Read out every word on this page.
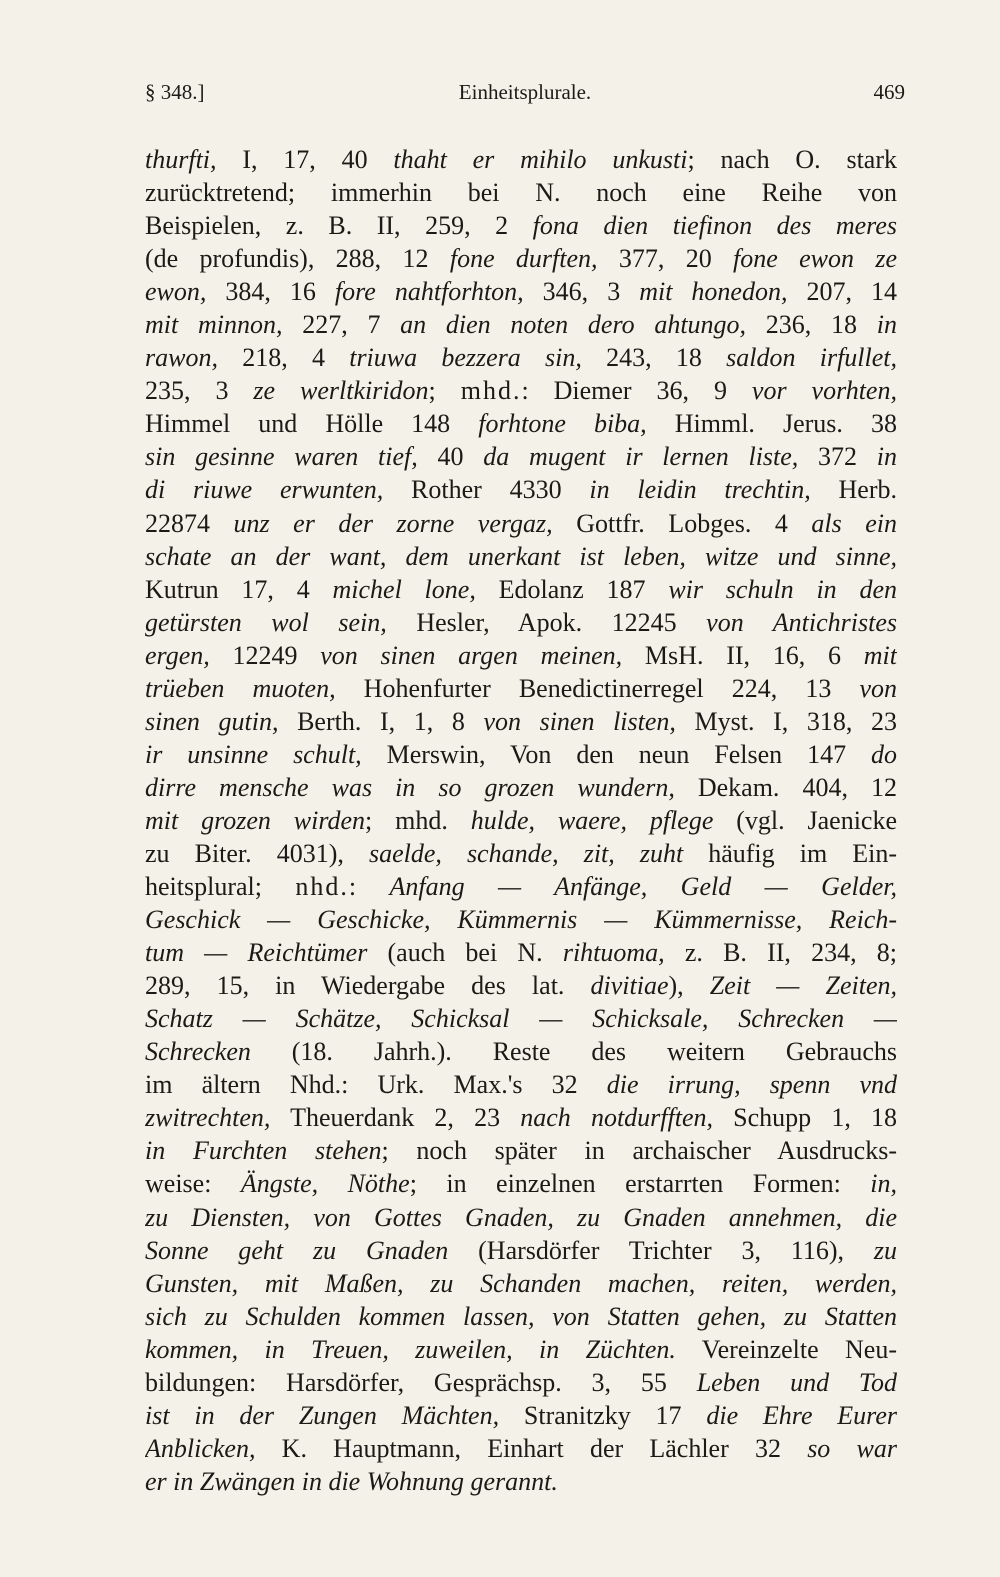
§ 348.]	Einheitsplurale.	469
thurfti, I, 17, 40 thaht er mihilo unkusti; nach O. stark
zurücktretend; immerhin bei N. noch eine Reihe von
Beispielen, z. B. II, 259, 2 fona dien tiefinon des meres
(de profundis), 288, 12 fone durften, 377, 20 fone ewon ze
ewon, 384, 16 fore nahtforhton, 346, 3 mit honedon, 207, 14
mit minnon, 227, 7 an dien noten dero ahtungo, 236, 18 in
rawon, 218, 4 triuwa bezzera sin, 243, 18 saldon irfullet,
235, 3 ze werltkiridon; mhd.: Diemer 36, 9 vor vorhten,
Himmel und Hölle 148 forhtone biba, Himml. Jerus. 38
sin gesinne waren tief, 40 da mugent ir lernen liste, 372 in
di riuwe erwunten, Rother 4330 in leidin trechtin, Herb.
22874 unz er der zorne vergaz, Gottfr. Lobges. 4 als ein
schate an der want, dem unerkant ist leben, witze und sinne,
Kutrun 17, 4 michel lone, Edolanz 187 wir schuln in den
getürsten wol sein, Hesler, Apok. 12245 von Antichristes
ergen, 12249 von sinen argen meinen, MsH. II, 16, 6 mit
trüeben muoten, Hohenfurter Benedictinerregel 224, 13 von
sinen gutin, Berth. I, 1, 8 von sinen listen, Myst. I, 318, 23
ir unsinne schult, Merswin, Von den neun Felsen 147 do
dirre mensche was in so grozen wundern, Dekam. 404, 12
mit grozen wirden; mhd. hulde, waere, pflege (vgl. Jaenicke
zu Biter. 4031), saelde, schande, zit, zuht häufig im Ein-
heitsplural; nhd.: Anfang — Anfänge, Geld — Gelder,
Geschick — Geschicke, Kümmernis — Kümmernisse, Reich-
tum — Reichtümer (auch bei N. rihtuoma, z. B. II, 234, 8;
289, 15, in Wiedergabe des lat. divitiae), Zeit — Zeiten,
Schatz — Schätze, Schicksal — Schicksale, Schrecken —
Schrecken (18. Jahrh.). Reste des weitern Gebrauchs
im ältern Nhd.: Urk. Max.'s 32 die irrung, spenn vnd
zwitrechten, Theuerdank 2, 23 nach notdurfften, Schupp 1, 18
in Furchten stehen; noch später in archaischer Ausdrucks-
weise: Ängste, Nöthe; in einzelnen erstarrten Formen: in,
zu Diensten, von Gottes Gnaden, zu Gnaden annehmen, die
Sonne geht zu Gnaden (Harsdörfer Trichter 3, 116), zu
Gunsten, mit Maßen, zu Schanden machen, reiten, werden,
sich zu Schulden kommen lassen, von Statten gehen, zu Statten
kommen, in Treuen, zuweilen, in Züchten. Vereinzelte Neu-
bildungen: Harsdörfer, Gesprächsp. 3, 55 Leben und Tod
ist in der Zungen Mächten, Stranitzky 17 die Ehre Eurer
Anblicken, K. Hauptmann, Einhart der Lächler 32 so war
er in Zwängen in die Wohnung gerannt.
